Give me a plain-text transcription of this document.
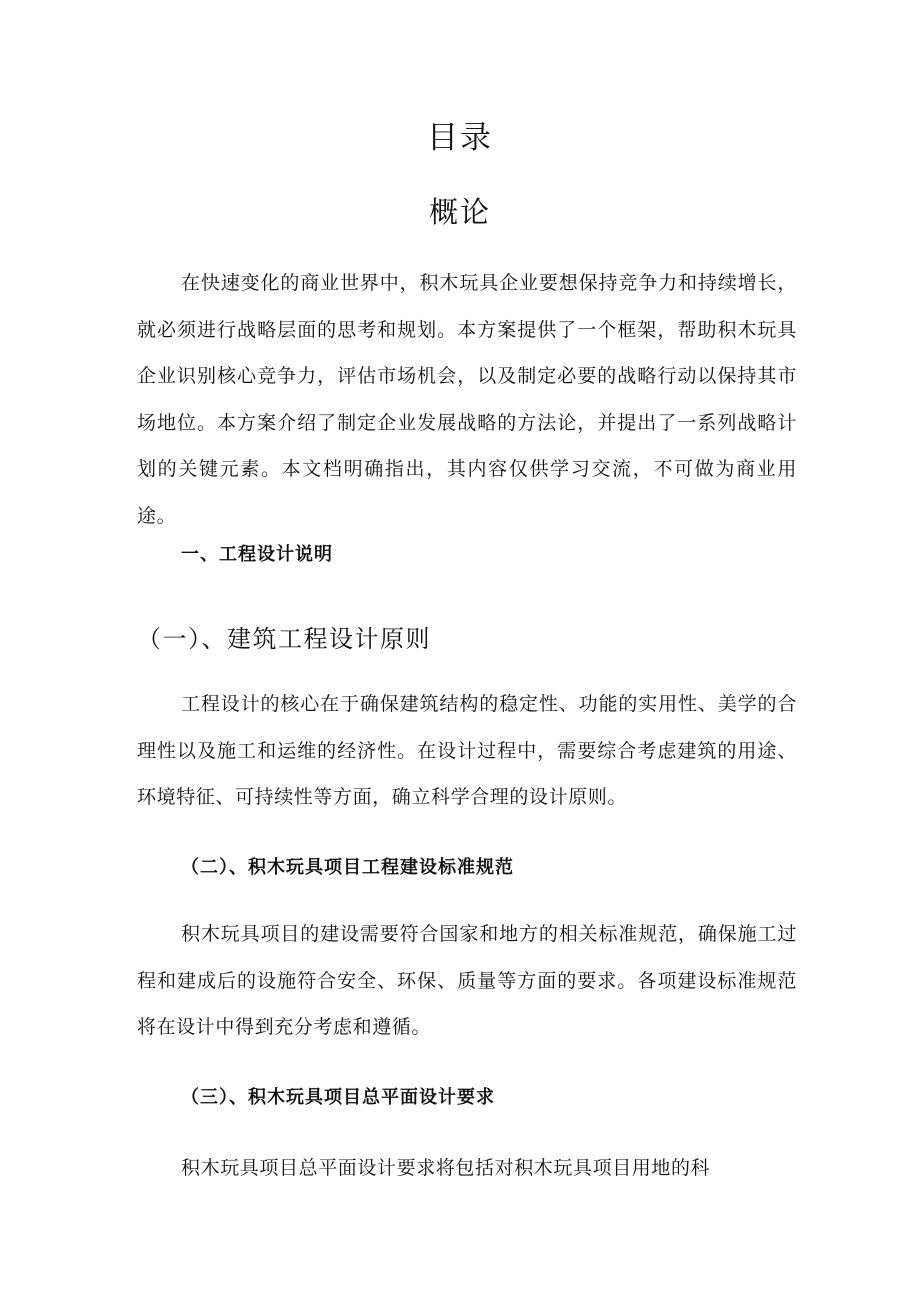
目录
概论

在快速变化的商业世界中，积木玩具企业要想保持竞争力和持续增长，就必须进行战略层面的思考和规划。本方案提供了一个框架，帮助积木玩具企业识别核心竞争力，评估市场机会，以及制定必要的战略行动以保持其市场地位。本方案介绍了制定企业发展战略的方法论，并提出了一系列战略计划的关键元素。本文档明确指出，其内容仅供学习交流，不可做为商业用途。

一、工程设计说明
（一）、建筑工程设计原则

工程设计的核心在于确保建筑结构的稳定性、功能的实用性、美学的合理性以及施工和运维的经济性。在设计过程中，需要综合考虑建筑的用途、环境特征、可持续性等方面，确立科学合理的设计原则。

（二）、积木玩具项目工程建设标准规范

积木玩具项目的建设需要符合国家和地方的相关标准规范，确保施工过程和建成后的设施符合安全、环保、质量等方面的要求。各项建设标准规范将在设计中得到充分考虑和遵循。

（三）、积木玩具项目总平面设计要求

积木玩具项目总平面设计要求将包括对积木玩具项目用地的科
